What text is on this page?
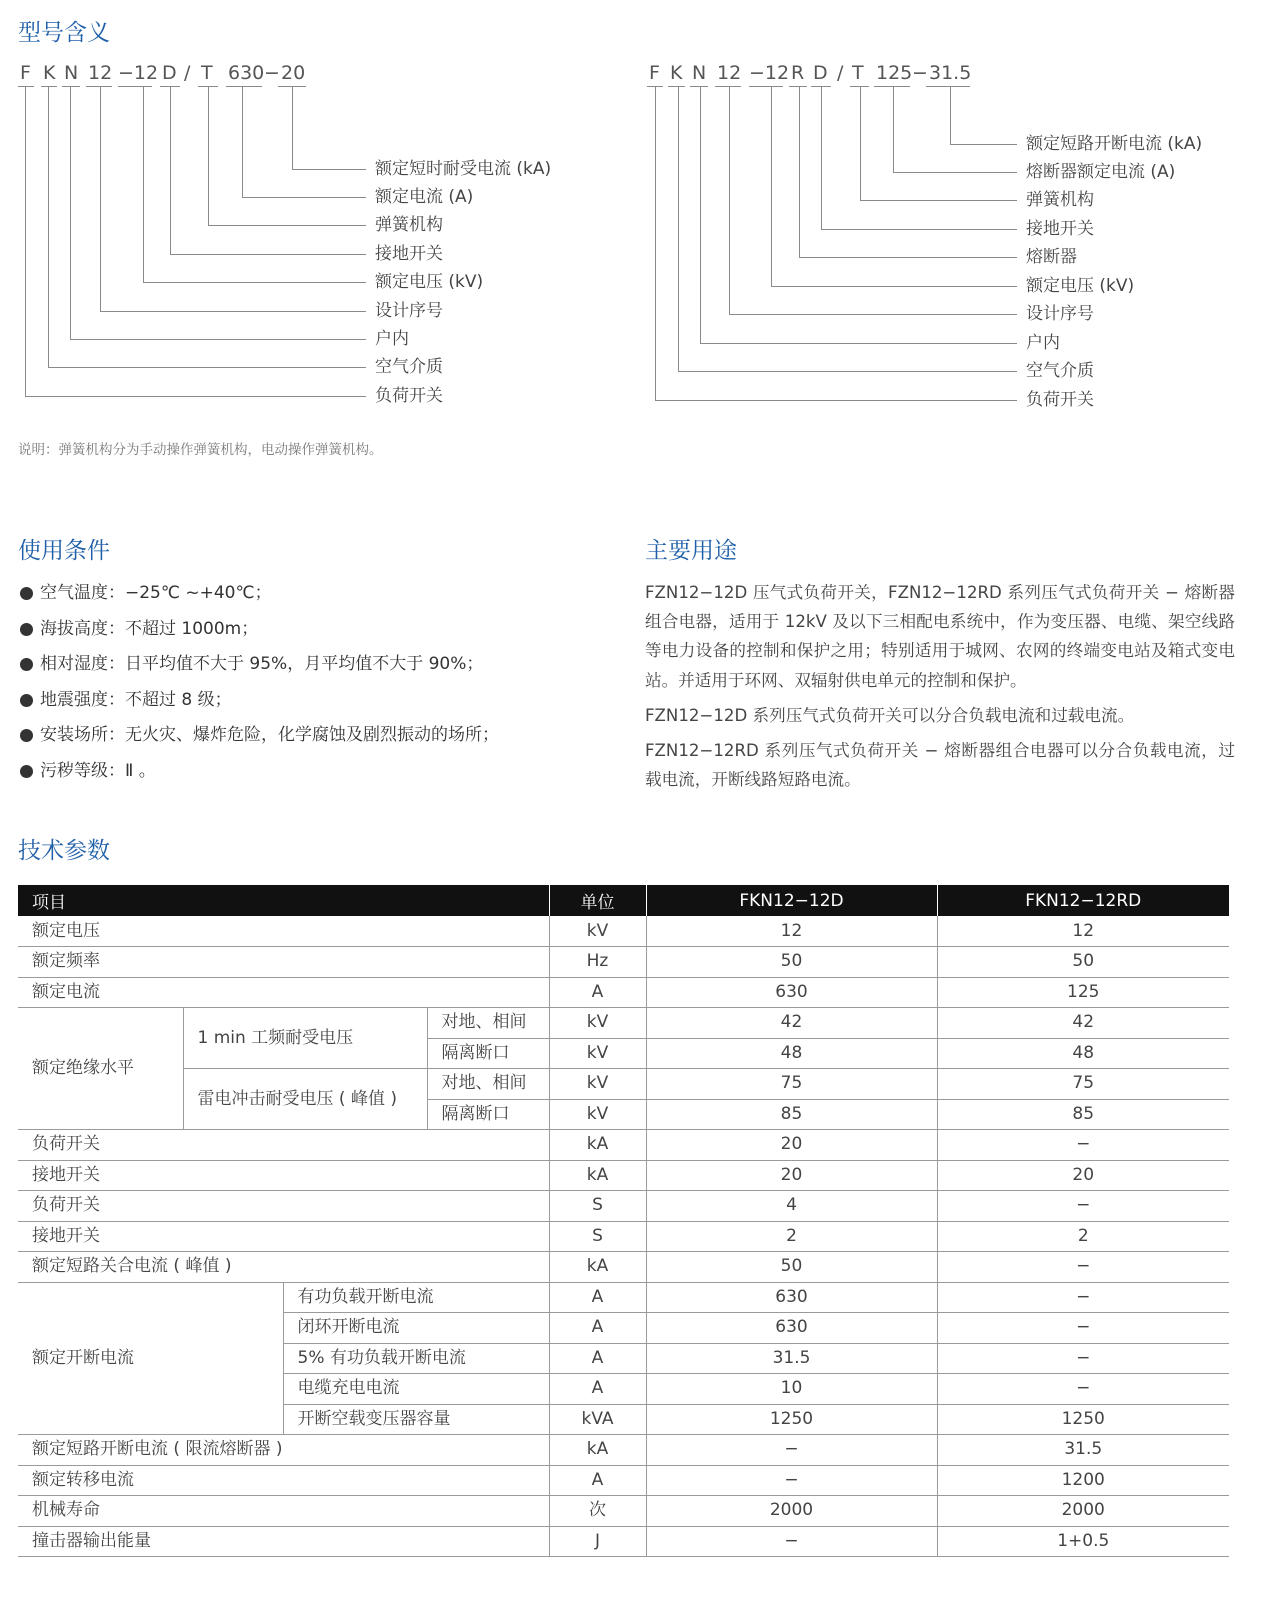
型号含义
F K N 12 −12 D / T 630 − 20
额定短时耐受电流 (kA)
额定电流 (A)
弹簧机构
接地开关
额定电压 (kV)
设计序号
户内
空气介质
负荷开关
F K N 12 −12 R D / T 125 − 31.5
额定短路开断电流 (kA)
熔断器额定电流 (A)
弹簧机构
接地开关
熔断器
额定电压 (kV)
设计序号
户内
空气介质
负荷开关
说明：弹簧机构分为手动操作弹簧机构，电动操作弹簧机构。
使用条件
空气温度：−25℃ ~+40℃；
海拔高度：不超过 1000m；
相对湿度：日平均值不大于 95%，月平均值不大于 90%；
地震强度：不超过 8 级；
安装场所：无火灾、爆炸危险，化学腐蚀及剧烈振动的场所；
污秽等级：Ⅱ 。
主要用途

FZN12−12D 压气式负荷开关，FZN12−12RD 系列压气式负荷开关 − 熔断器组合电器，适用于 12kV 及以下三相配电系统中，作为变压器、电缆、架空线路等电力设备的控制和保护之用；特别适用于城网、农网的终端变电站及箱式变电站。并适用于环网、双辐射供电单元的控制和保护。

FZN12−12D 系列压气式负荷开关可以分合负载电流和过载电流。

FZN12−12RD 系列压气式负荷开关 − 熔断器组合电器可以分合负载电流，过载电流，开断线路短路电流。

技术参数
项目				单位	FKN12−12D	FKN12−12RD
额定电压				kV	12	12
额定频率				Hz	50	50
额定电流				A	630	125
额定绝缘水平	1 min 工频耐受电压		对地、相间	kV	42	42
			隔离断口	kV	48	48
	雷电冲击耐受电压 ( 峰值 )		对地、相间	kV	75	75
			隔离断口	kV	85	85
负荷开关				kA	20	−
接地开关				kA	20	20
负荷开关				S	4	−
接地开关				S	2	2
额定短路关合电流 ( 峰值 )				kA	50	−
额定开断电流		有功负载开断电流		A	630	−
		闭环开断电流		A	630	−
		5% 有功负载开断电流		A	31.5	−
		电缆充电电流		A	10	−
		开断空载变压器容量		kVA	1250	1250
额定短路开断电流 ( 限流熔断器 )				kA	−	31.5
额定转移电流				A	−	1200
机械寿命				次	2000	2000
撞击器输出能量				J	−	1+0.5
